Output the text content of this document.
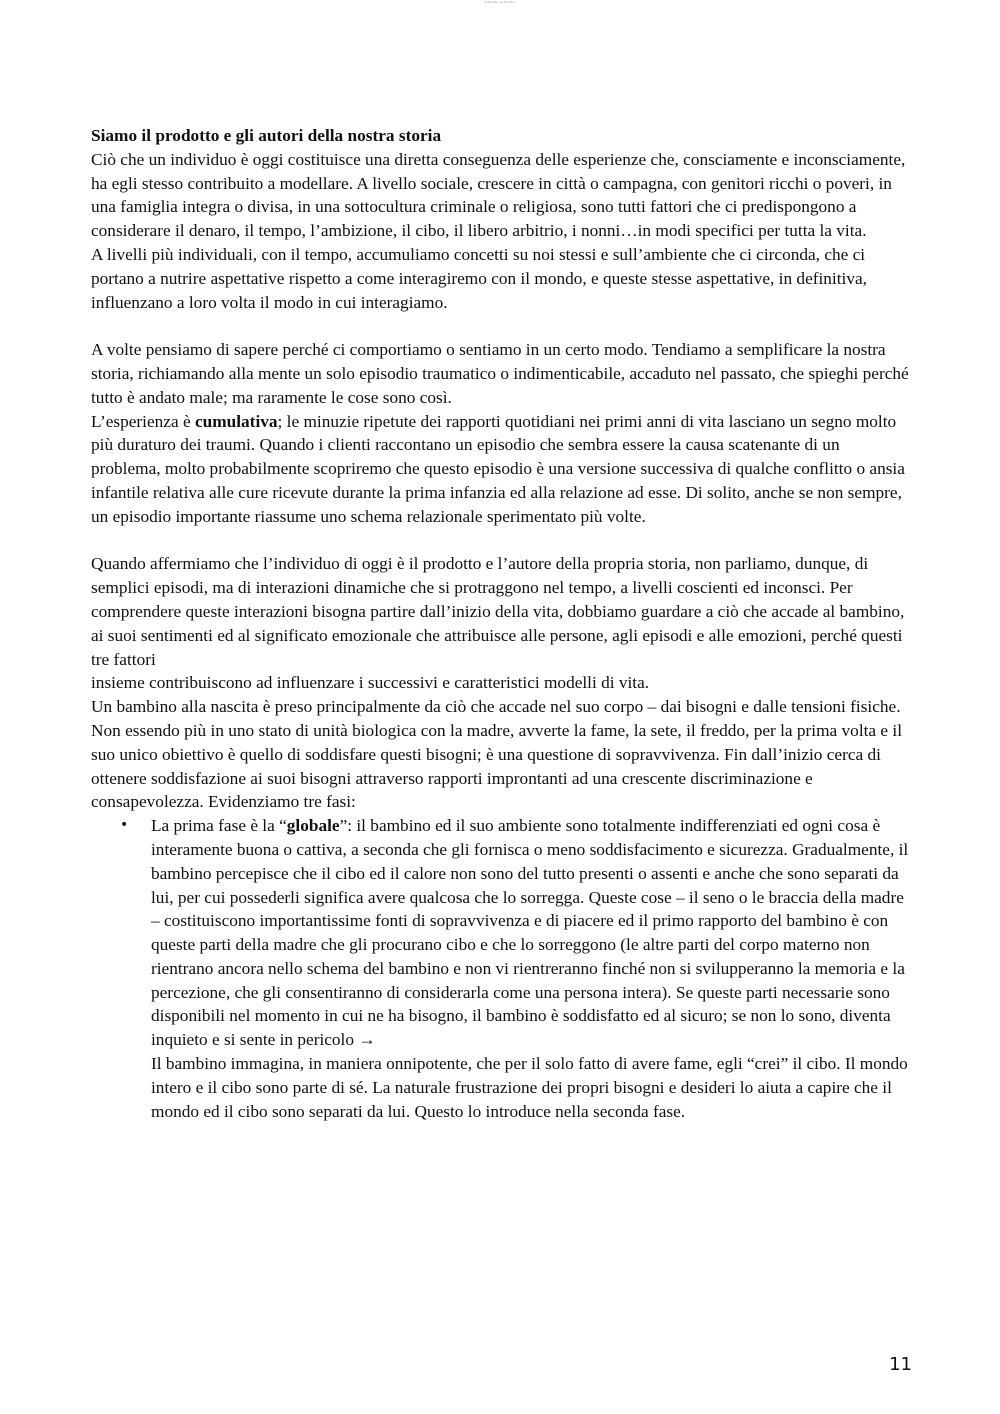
Scaricato da Studocu

Siamo il prodotto e gli autori della nostra storia

Ciò che un individuo è oggi costituisce una diretta conseguenza delle esperienze che, consciamente e inconsciamente, ha egli stesso contribuito a modellare. A livello sociale, crescere in città o campagna, con genitori ricchi o poveri, in una famiglia integra o divisa, in una sottocultura criminale o religiosa, sono tutti fattori che ci predispongono a considerare il denaro, il tempo, l’ambizione, il cibo, il libero arbitrio, i nonni…in modi specifici per tutta la vita.

A livelli più individuali, con il tempo, accumuliamo concetti su noi stessi e sull’ambiente che ci circonda, che ci portano a nutrire aspettative rispetto a come interagiremo con il mondo, e queste stesse aspettative, in definitiva, influenzano a loro volta il modo in cui interagiamo.

A volte pensiamo di sapere perché ci comportiamo o sentiamo in un certo modo. Tendiamo a semplificare la nostra storia, richiamando alla mente un solo episodio traumatico o indimenticabile, accaduto nel passato, che spieghi perché tutto è andato male; ma raramente le cose sono così.

L’esperienza è cumulativa; le minuzie ripetute dei rapporti quotidiani nei primi anni di vita lasciano un segno molto più duraturo dei traumi. Quando i clienti raccontano un episodio che sembra essere la causa scatenante di un problema, molto probabilmente scopriremo che questo episodio è una versione successiva di qualche conflitto o ansia infantile relativa alle cure ricevute durante la prima infanzia ed alla relazione ad esse. Di solito, anche se non sempre, un episodio importante riassume uno schema relazionale sperimentato più volte.

Quando affermiamo che l’individuo di oggi è il prodotto e l’autore della propria storia, non parliamo, dunque, di semplici episodi, ma di interazioni dinamiche che si protraggono nel tempo, a livelli coscienti ed inconsci. Per comprendere queste interazioni bisogna partire dall’inizio della vita, dobbiamo guardare a ciò che accade al bambino, ai suoi sentimenti ed al significato emozionale che attribuisce alle persone, agli episodi e alle emozioni, perché questi tre fattori

insieme contribuiscono ad influenzare i successivi e caratteristici modelli di vita.

Un bambino alla nascita è preso principalmente da ciò che accade nel suo corpo – dai bisogni e dalle tensioni fisiche. Non essendo più in uno stato di unità biologica con la madre, avverte la fame, la sete, il freddo, per la prima volta e il suo unico obiettivo è quello di soddisfare questi bisogni; è una questione di sopravvivenza. Fin dall’inizio cerca di ottenere soddisfazione ai suoi bisogni attraverso rapporti improntanti ad una crescente discriminazione e consapevolezza. Evidenziamo tre fasi:

• La prima fase è la “globale”: il bambino ed il suo ambiente sono totalmente indifferenziati ed ogni cosa è interamente buona o cattiva, a seconda che gli fornisca o meno soddisfacimento e sicurezza. Gradualmente, il bambino percepisce che il cibo ed il calore non sono del tutto presenti o assenti e anche che sono separati da lui, per cui possederli significa avere qualcosa che lo sorregga. Queste cose – il seno o le braccia della madre – costituiscono importantissime fonti di sopravvivenza e di piacere ed il primo rapporto del bambino è con queste parti della madre che gli procurano cibo e che lo sorreggono (le altre parti del corpo materno non rientrano ancora nello schema del bambino e non vi rientreranno finché non si svilupperanno la memoria e la percezione, che gli consentiranno di considerarla come una persona intera). Se queste parti necessarie sono disponibili nel momento in cui ne ha bisogno, il bambino è soddisfatto ed al sicuro; se non lo sono, diventa inquieto e si sente in pericolo →
Il bambino immagina, in maniera onnipotente, che per il solo fatto di avere fame, egli “crei” il cibo. Il mondo intero e il cibo sono parte di sé. La naturale frustrazione dei propri bisogni e desideri lo aiuta a capire che il mondo ed il cibo sono separati da lui. Questo lo introduce nella seconda fase.
11
